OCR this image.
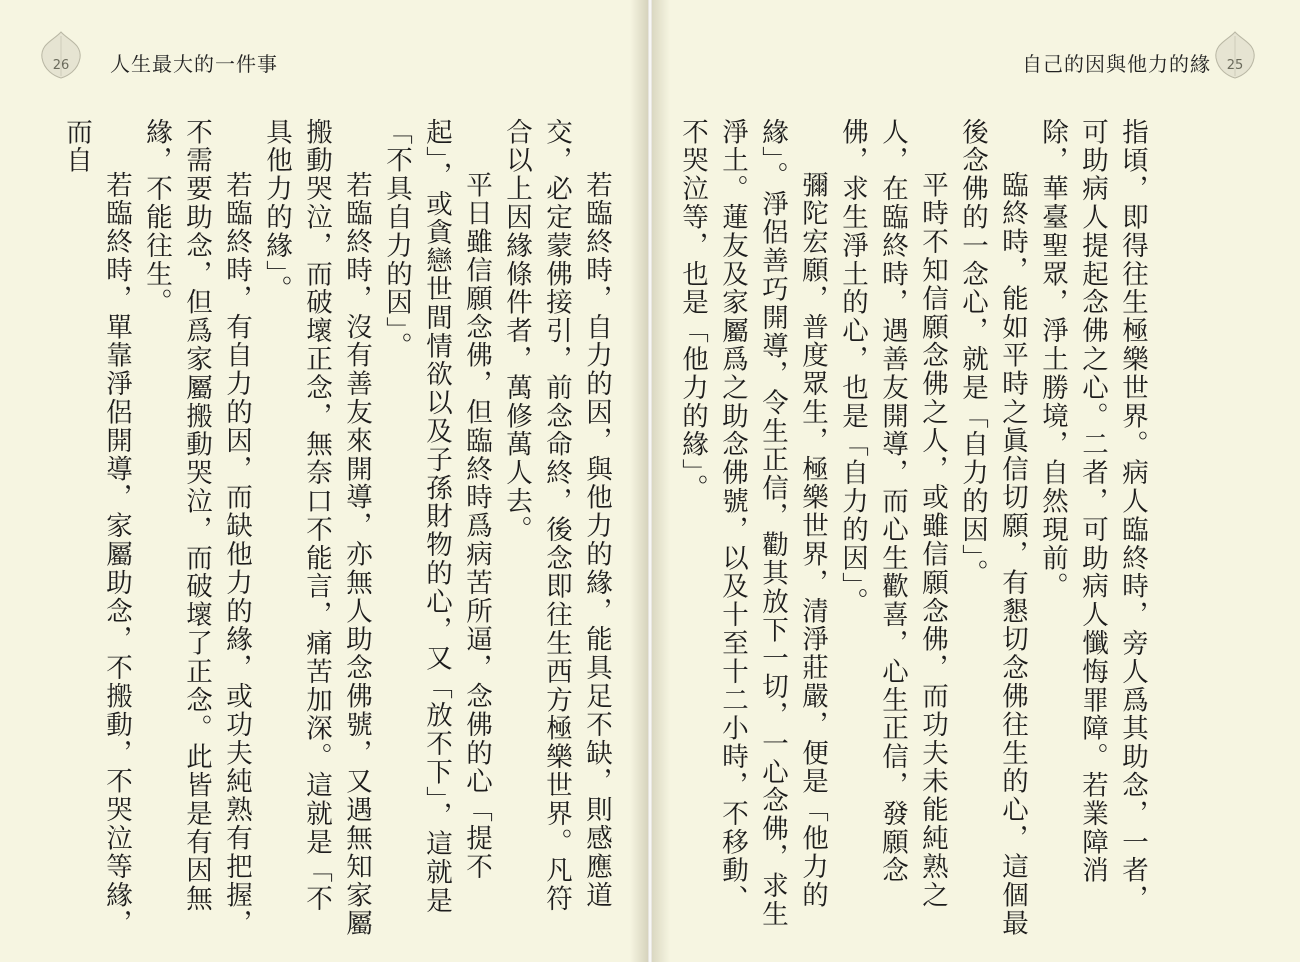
26	人生最大的一件事

若臨終時，自力的因，與他力的緣，能具足不缺，則感應道交，必定蒙佛接引，前念命終，後念即往生西方極樂世界。凡符合以上因緣條件者，萬修萬人去。

平日雖信願念佛，但臨終時爲病苦所逼，念佛的心「提不起」，或貪戀世間情欲以及子孫財物的心，又「放不下」，這就是「不具自力的因」。

若臨終時，沒有善友來開導，亦無人助念佛號，又遇無知家屬搬動哭泣，而破壞正念，無奈口不能言，痛苦加深。這就是「不具他力的緣」。

若臨終時，有自力的因，而缺他力的緣，或功夫純熟有把握，不需要助念，但爲家屬搬動哭泣，而破壞了正念。此皆是有因無緣，不能往生。

若臨終時，單靠淨侶開導，家屬助念，不搬動，不哭泣等緣，而自

自己的因與他力的緣	25

指頃，即得往生極樂世界。病人臨終時，旁人爲其助念，一者，可助病人提起念佛之心。二者，可助病人懺悔罪障。若業障消除，華臺聖眾，淨土勝境，自然現前。

臨終時，能如平時之眞信切願，有懇切念佛往生的心，這個最後念佛的一念心，就是「自力的因」。

平時不知信願念佛之人，或雖信願念佛，而功夫未能純熟之人，在臨終時，遇善友開導，而心生歡喜，心生正信，發願念佛，求生淨土的心，也是「自力的因」。

彌陀宏願，普度眾生，極樂世界，清淨莊嚴，便是「他力的緣」。淨侶善巧開導，令生正信，勸其放下一切，一心念佛，求生淨土。蓮友及家屬爲之助念佛號，以及十至十二小時，不移動、不哭泣等，也是「他力的緣」。
